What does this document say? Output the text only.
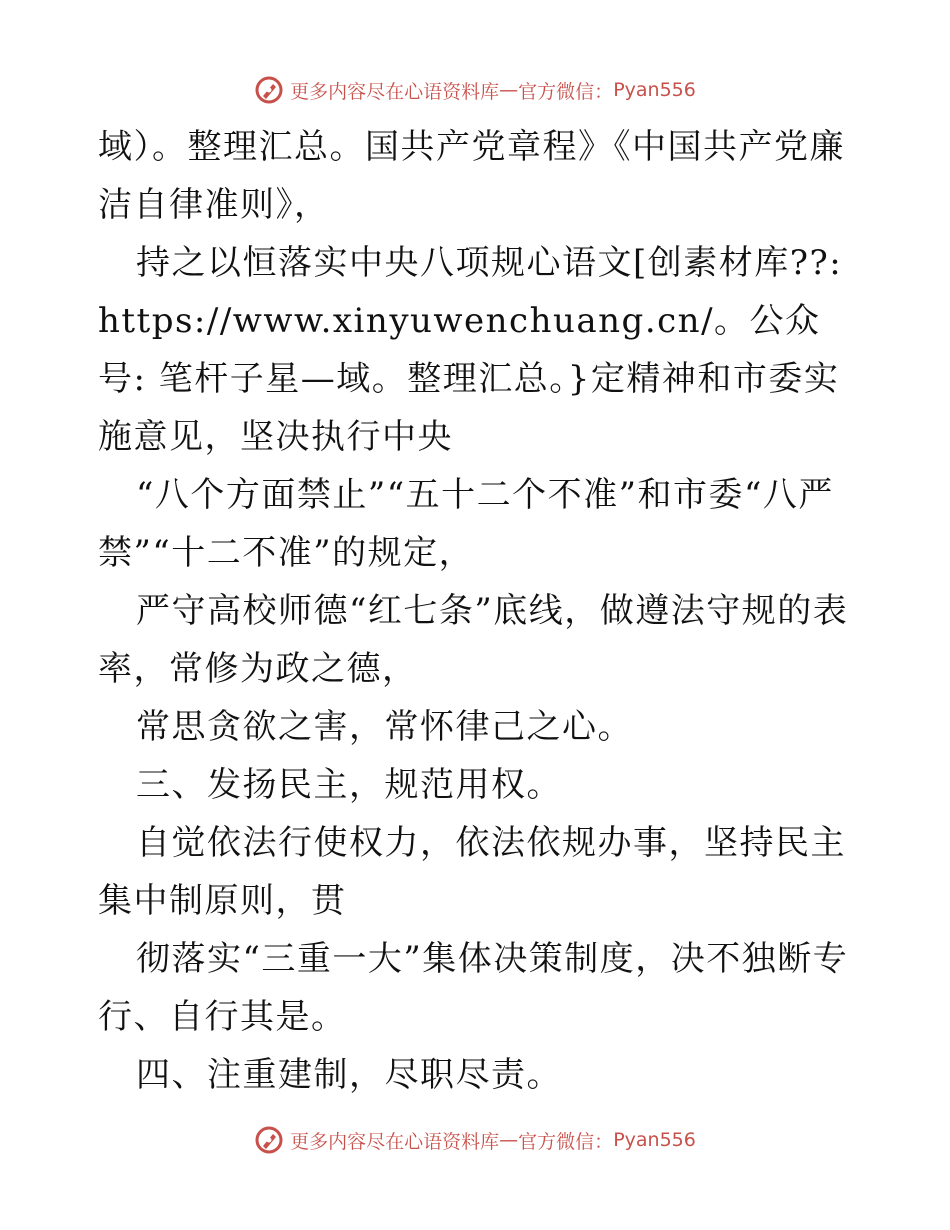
更多内容尽在心语资料库 — 官方微信： Pyan556

域）。整理汇总。国共产党章程》《中国共产党廉洁自律准则》，

持之以恒落实中央八项规心语文[创素材库??: https://www.xinyuwenchuang.cn/。公众号: 笔杆子星—域。整理汇总。}定精神和市委实施意见，坚决执行中央

“八个方面禁止”“五十二个不准”和市委“八严禁”“十二不准”的规定，

严守高校师德“红七条”底线，做遵法守规的表率，常修为政之德，

常思贪欲之害，常怀律己之心。

三、发扬民主，规范用权。

自觉依法行使权力，依法依规办事，坚持民主集中制原则，贯

彻落实“三重一大”集体决策制度，决不独断专行、自行其是。

四、注重建制，尽职尽责。

更多内容尽在心语资料库 — 官方微信： Pyan556
